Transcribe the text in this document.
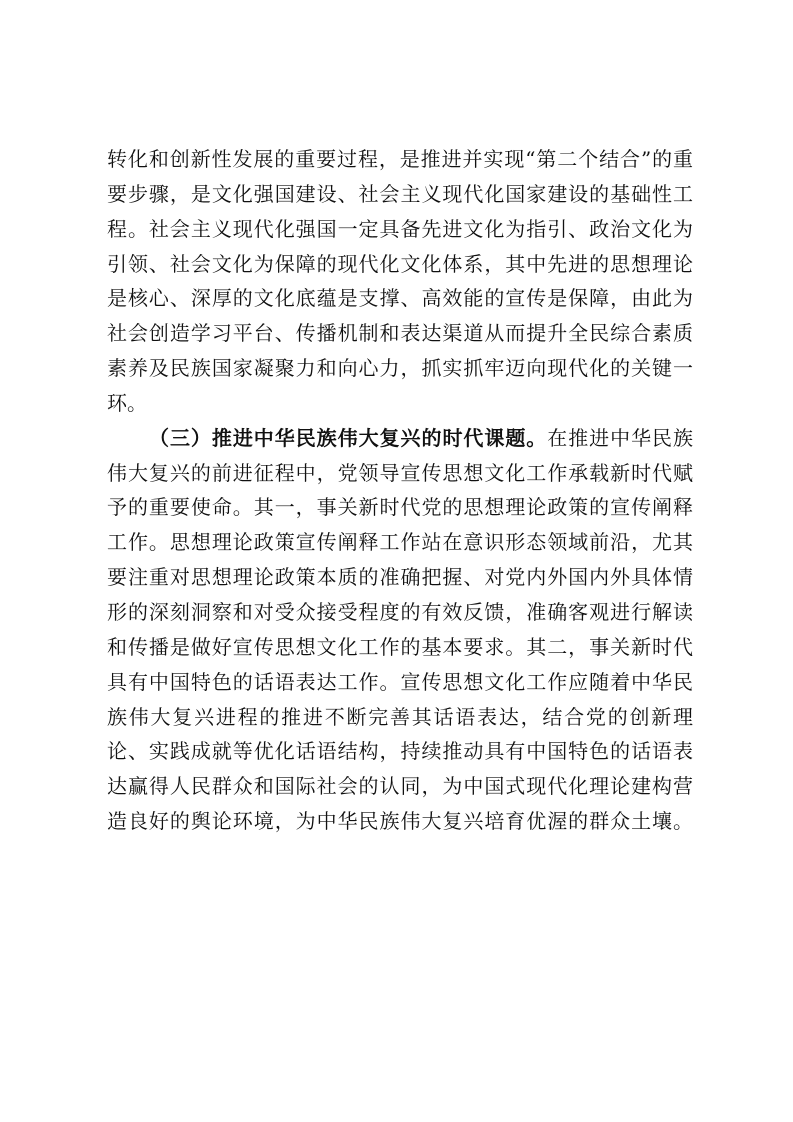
转化和创新性发展的重要过程，是推进并实现“第二个结合”的重
要步骤，是文化强国建设、社会主义现代化国家建设的基础性工
程。社会主义现代化强国一定具备先进文化为指引、政治文化为
引领、社会文化为保障的现代化文化体系，其中先进的思想理论
是核心、深厚的文化底蕴是支撑、高效能的宣传是保障，由此为
社会创造学习平台、传播机制和表达渠道从而提升全民综合素质
素养及民族国家凝聚力和向心力，抓实抓牢迈向现代化的关键一
环。
（三）推进中华民族伟大复兴的时代课题。在推进中华民族
伟大复兴的前进征程中，党领导宣传思想文化工作承载新时代赋
予的重要使命。其一，事关新时代党的思想理论政策的宣传阐释
工作。思想理论政策宣传阐释工作站在意识形态领域前沿，尤其
要注重对思想理论政策本质的准确把握、对党内外国内外具体情
形的深刻洞察和对受众接受程度的有效反馈，准确客观进行解读
和传播是做好宣传思想文化工作的基本要求。其二，事关新时代
具有中国特色的话语表达工作。宣传思想文化工作应随着中华民
族伟大复兴进程的推进不断完善其话语表达，结合党的创新理
论、实践成就等优化话语结构，持续推动具有中国特色的话语表
达赢得人民群众和国际社会的认同，为中国式现代化理论建构营
造良好的舆论环境，为中华民族伟大复兴培育优渥的群众土壤。
